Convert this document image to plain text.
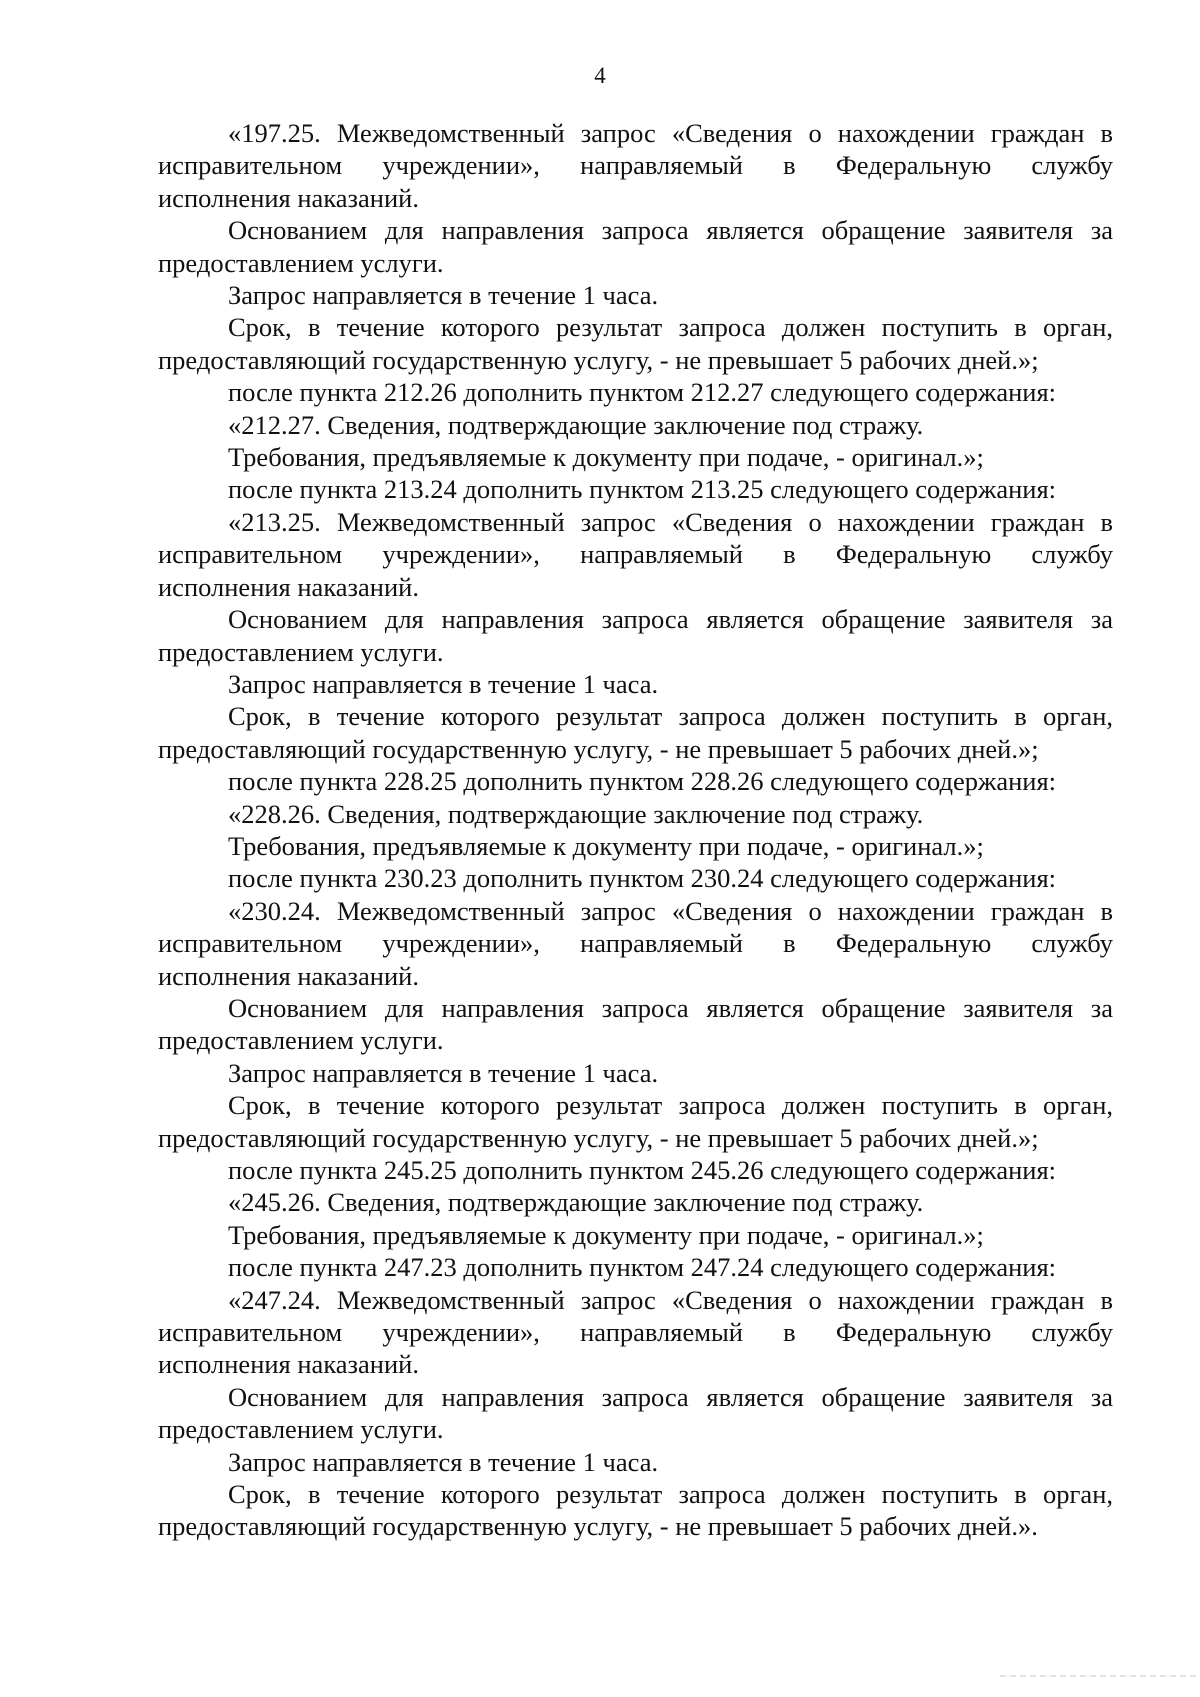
4
«197.25. Межведомственный запрос «Сведения о нахождении граждан в
исправительном учреждении», направляемый в Федеральную службу
исполнения наказаний.
Основанием для направления запроса является обращение заявителя за
предоставлением услуги.
Запрос направляется в течение 1 часа.
Срок, в течение которого результат запроса должен поступить в орган,
предоставляющий государственную услугу, - не превышает 5 рабочих дней.»;
после пункта 212.26 дополнить пунктом 212.27 следующего содержания:
«212.27. Сведения, подтверждающие заключение под стражу.
Требования, предъявляемые к документу при подаче, - оригинал.»;
после пункта 213.24 дополнить пунктом 213.25 следующего содержания:
«213.25. Межведомственный запрос «Сведения о нахождении граждан в
исправительном учреждении», направляемый в Федеральную службу
исполнения наказаний.
Основанием для направления запроса является обращение заявителя за
предоставлением услуги.
Запрос направляется в течение 1 часа.
Срок, в течение которого результат запроса должен поступить в орган,
предоставляющий государственную услугу, - не превышает 5 рабочих дней.»;
после пункта 228.25 дополнить пунктом 228.26 следующего содержания:
«228.26. Сведения, подтверждающие заключение под стражу.
Требования, предъявляемые к документу при подаче, - оригинал.»;
после пункта 230.23 дополнить пунктом 230.24 следующего содержания:
«230.24. Межведомственный запрос «Сведения о нахождении граждан в
исправительном учреждении», направляемый в Федеральную службу
исполнения наказаний.
Основанием для направления запроса является обращение заявителя за
предоставлением услуги.
Запрос направляется в течение 1 часа.
Срок, в течение которого результат запроса должен поступить в орган,
предоставляющий государственную услугу, - не превышает 5 рабочих дней.»;
после пункта 245.25 дополнить пунктом 245.26 следующего содержания:
«245.26. Сведения, подтверждающие заключение под стражу.
Требования, предъявляемые к документу при подаче, - оригинал.»;
после пункта 247.23 дополнить пунктом 247.24 следующего содержания:
«247.24. Межведомственный запрос «Сведения о нахождении граждан в
исправительном учреждении», направляемый в Федеральную службу
исполнения наказаний.
Основанием для направления запроса является обращение заявителя за
предоставлением услуги.
Запрос направляется в течение 1 часа.
Срок, в течение которого результат запроса должен поступить в орган,
предоставляющий государственную услугу, - не превышает 5 рабочих дней.».
